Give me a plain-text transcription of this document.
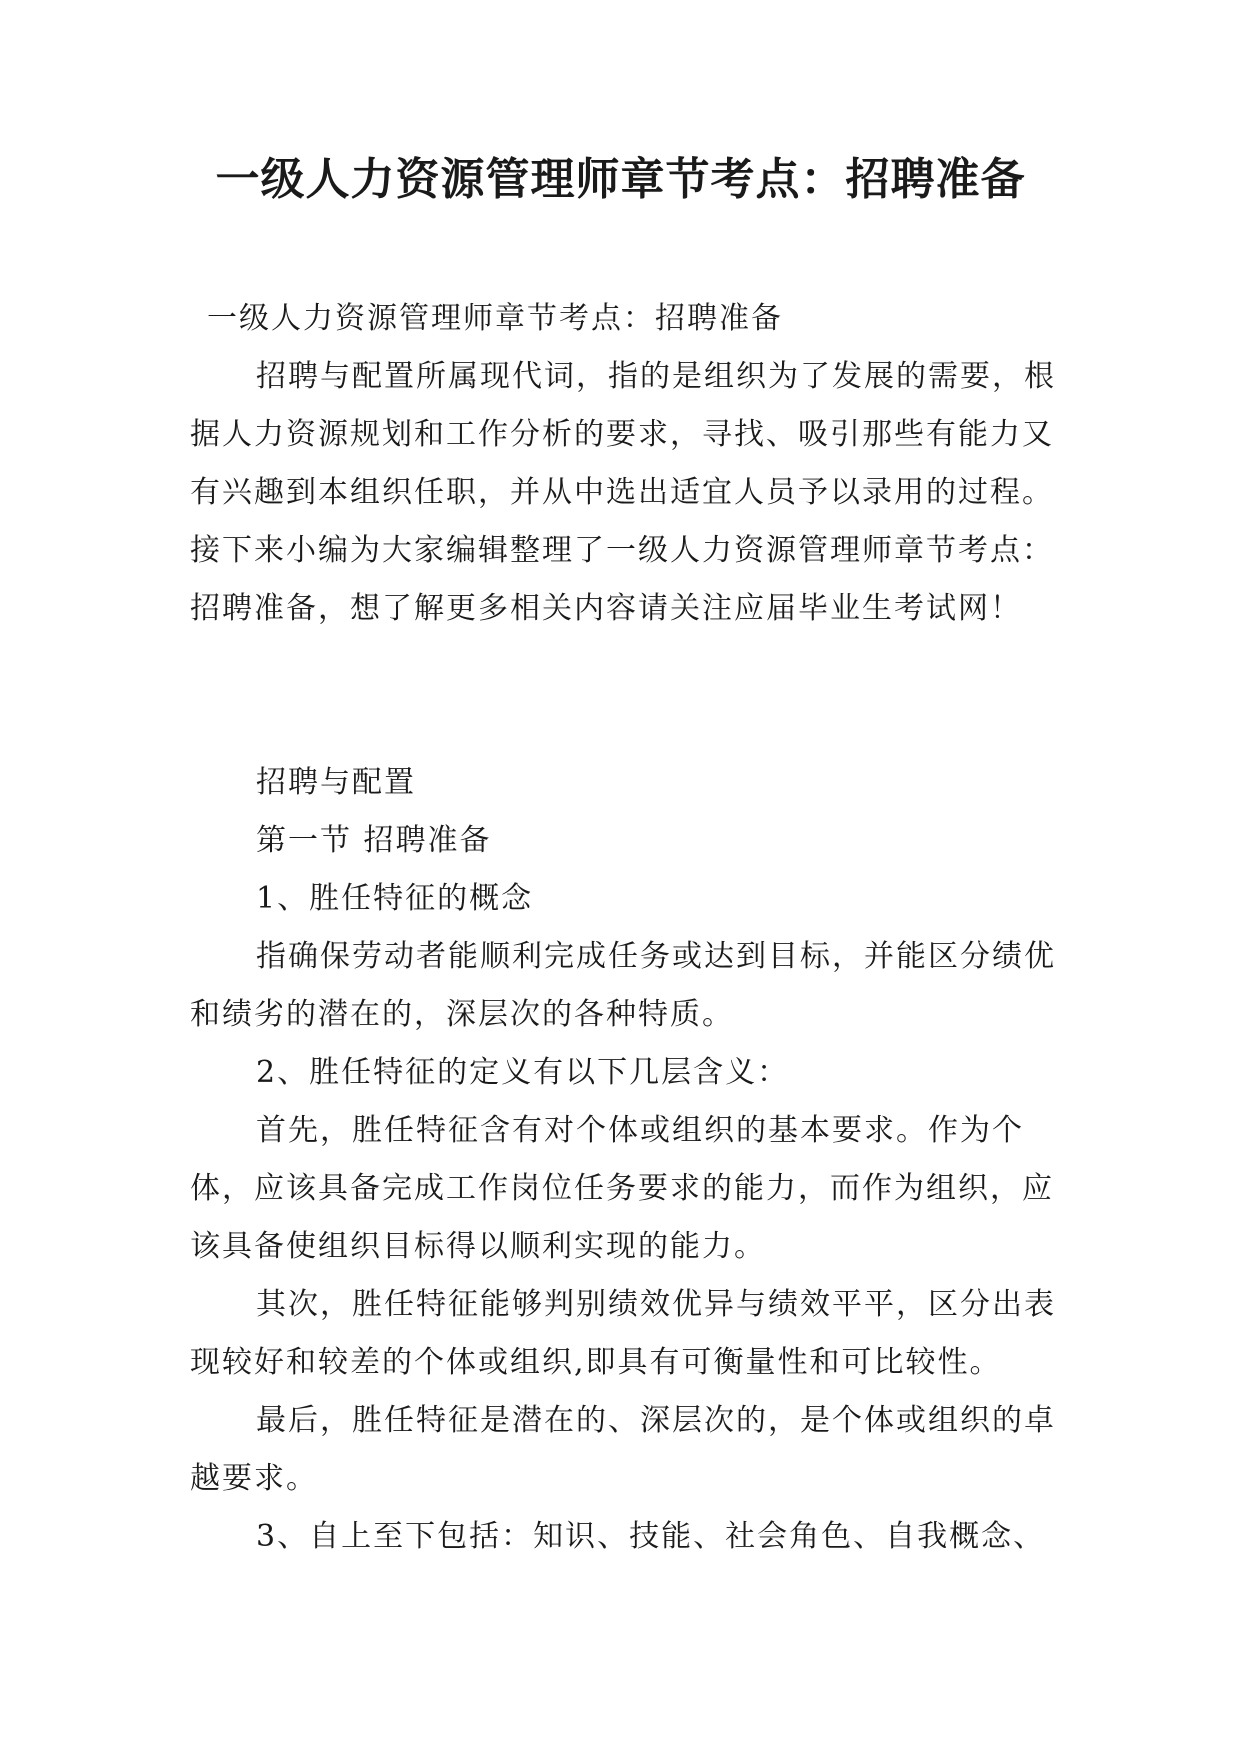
一级人力资源管理师章节考点：招聘准备

一级人力资源管理师章节考点：招聘准备

招聘与配置所属现代词，指的是组织为了发展的需要，根据人力资源规划和工作分析的要求，寻找、吸引那些有能力又有兴趣到本组织任职，并从中选出适宜人员予以录用的过程。接下来小编为大家编辑整理了一级人力资源管理师章节考点：招聘准备，想了解更多相关内容请关注应届毕业生考试网！

招聘与配置

第一节 招聘准备

1、胜任特征的概念

指确保劳动者能顺利完成任务或达到目标，并能区分绩优和绩劣的潜在的，深层次的各种特质。

2、胜任特征的定义有以下几层含义：

首先，胜任特征含有对个体或组织的基本要求。作为个体，应该具备完成工作岗位任务要求的能力，而作为组织，应该具备使组织目标得以顺利实现的能力。

其次，胜任特征能够判别绩效优异与绩效平平，区分出表现较好和较差的个体或组织,即具有可衡量性和可比较性。

最后，胜任特征是潜在的、深层次的，是个体或组织的卓越要求。

3、自上至下包括：知识、技能、社会角色、自我概念、
